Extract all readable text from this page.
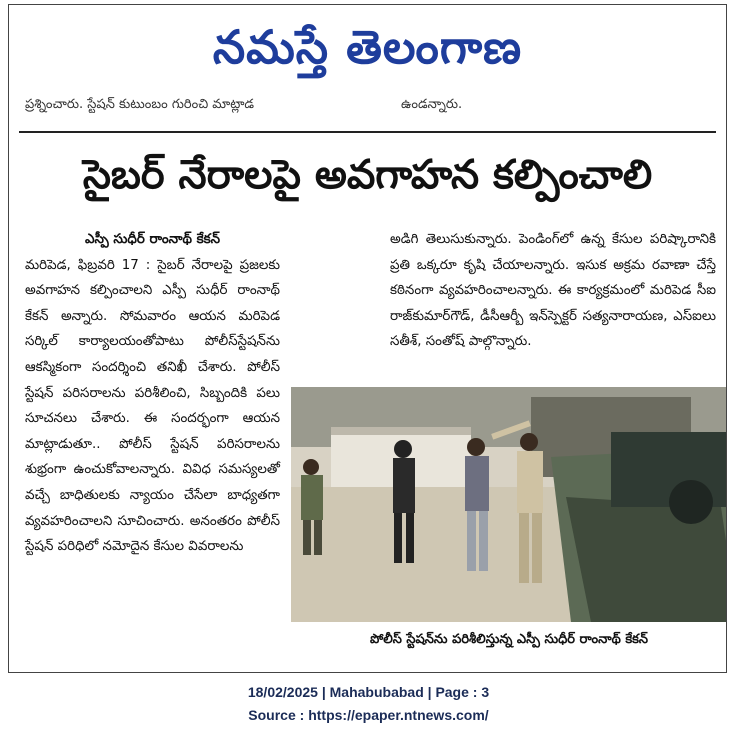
నమస్తే తెలంగాణ
ప్రశ్నించారు. స్టేషన్ కుటుంబం గురించి మాట్లాడ	ఉండన్నారు.
సైబర్ నేరాలపై అవగాహన కల్పించాలి
ఎస్పీ సుధీర్ రాంనాథ్ కేకన్
మరిపెడ, ఫిబ్రవరి 17 : సైబర్ నేరాలపై ప్రజలకు అవగాహన కల్పించాలని ఎస్పీ సుధీర్ రాంనాథ్ కేకన్ అన్నారు. సోమవారం ఆయన మరిపెడ సర్కిల్ కార్యాలయంతోపాటు పోలీస్‌స్టేషన్‌ను ఆకస్మికంగా సందర్శించి తనిఖీ చేశారు. పోలీస్ స్టేషన్ పరిసరాలను పరిశీలించి, సిబ్బందికి పలు సూచనలు చేశారు. ఈ సందర్భంగా ఆయన మాట్లాడుతూ.. పోలీస్ స్టేషన్ పరిసరాలను శుభ్రంగా ఉంచుకోవాలన్నారు. వివిధ సమస్యలతో వచ్చే బాధితులకు న్యాయం చేసేలా బాధ్యతగా వ్యవహరించాలని సూచించారు. అనంతరం పోలీస్ స్టేషన్ పరిధిలో నమోదైన కేసుల వివరాలను
అడిగి తెలుసుకున్నారు. పెండింగ్‌లో ఉన్న కేసుల పరిష్కారానికి ప్రతి ఒక్కరూ కృషి చేయాలన్నారు. ఇసుక అక్రమ రవాణా చేస్తే కఠినంగా వ్యవహరించాలన్నారు. ఈ కార్యక్రమంలో మరిపెడ సీఐ రాజ్‌కుమార్‌గౌడ్, డీసీఆర్బీ ఇన్‌స్పెక్టర్ సత్యనారాయణ, ఎస్‌ఐలు సతీశ్, సంతోష్ పాల్గొన్నారు.
పోలీస్ స్టేషన్‌ను పరిశీలిస్తున్న ఎస్పీ సుధీర్ రాంనాథ్ కేకన్
18/02/2025 | Mahabubabad | Page : 3
Source : https://epaper.ntnews.com/
